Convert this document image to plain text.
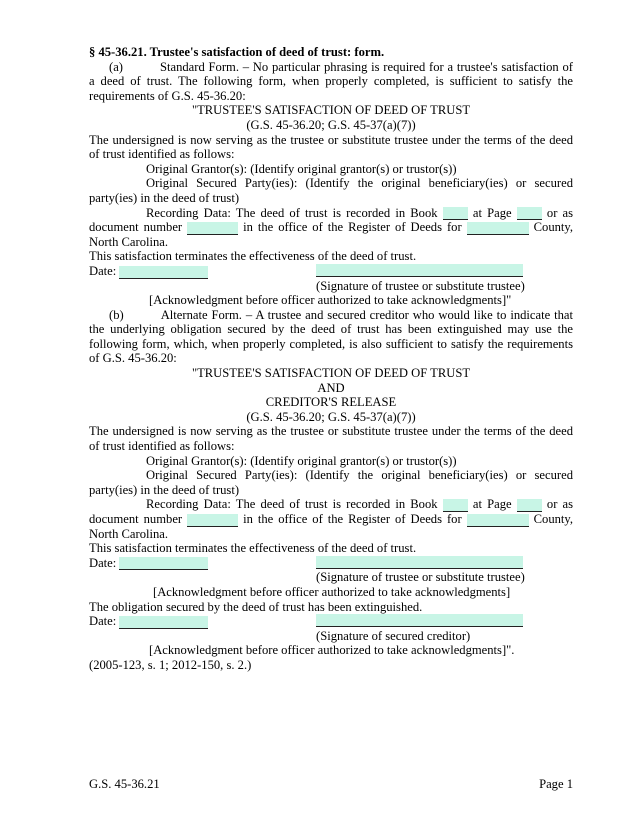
§ 45-36.21. Trustee's satisfaction of deed of trust: form.

(a)	Standard Form. – No particular phrasing is required for a trustee's satisfaction of a deed of trust. The following form, when properly completed, is sufficient to satisfy the requirements of G.S. 45-36.20:

"TRUSTEE'S SATISFACTION OF DEED OF TRUST

(G.S. 45-36.20; G.S. 45-37(a)(7))

The undersigned is now serving as the trustee or substitute trustee under the terms of the deed of trust identified as follows:

Original Grantor(s): (Identify original grantor(s) or trustor(s))

Original Secured Party(ies): (Identify the original beneficiary(ies) or secured party(ies) in the deed of trust)

Recording Data: The deed of trust is recorded in Book	at Page	or as document number	in the office of the Register of Deeds for	County, North Carolina.

This satisfaction terminates the effectiveness of the deed of trust.

Date:

(Signature of trustee or substitute trustee)

[Acknowledgment before officer authorized to take acknowledgments]"

(b)	Alternate Form. – A trustee and secured creditor who would like to indicate that the underlying obligation secured by the deed of trust has been extinguished may use the following form, which, when properly completed, is also sufficient to satisfy the requirements of G.S. 45-36.20:

"TRUSTEE'S SATISFACTION OF DEED OF TRUST

AND

CREDITOR'S RELEASE

(G.S. 45-36.20; G.S. 45-37(a)(7))

The undersigned is now serving as the trustee or substitute trustee under the terms of the deed of trust identified as follows:

Original Grantor(s): (Identify original grantor(s) or trustor(s))

Original Secured Party(ies): (Identify the original beneficiary(ies) or secured party(ies) in the deed of trust)

Recording Data: The deed of trust is recorded in Book	at Page	or as document number	in the office of the Register of Deeds for	County, North Carolina.

This satisfaction terminates the effectiveness of the deed of trust.

Date:

(Signature of trustee or substitute trustee)

[Acknowledgment before officer authorized to take acknowledgments]

The obligation secured by the deed of trust has been extinguished.

Date:

(Signature of secured creditor)

[Acknowledgment before officer authorized to take acknowledgments]".

(2005-123, s. 1; 2012-150, s. 2.)

G.S. 45-36.21	Page 1
